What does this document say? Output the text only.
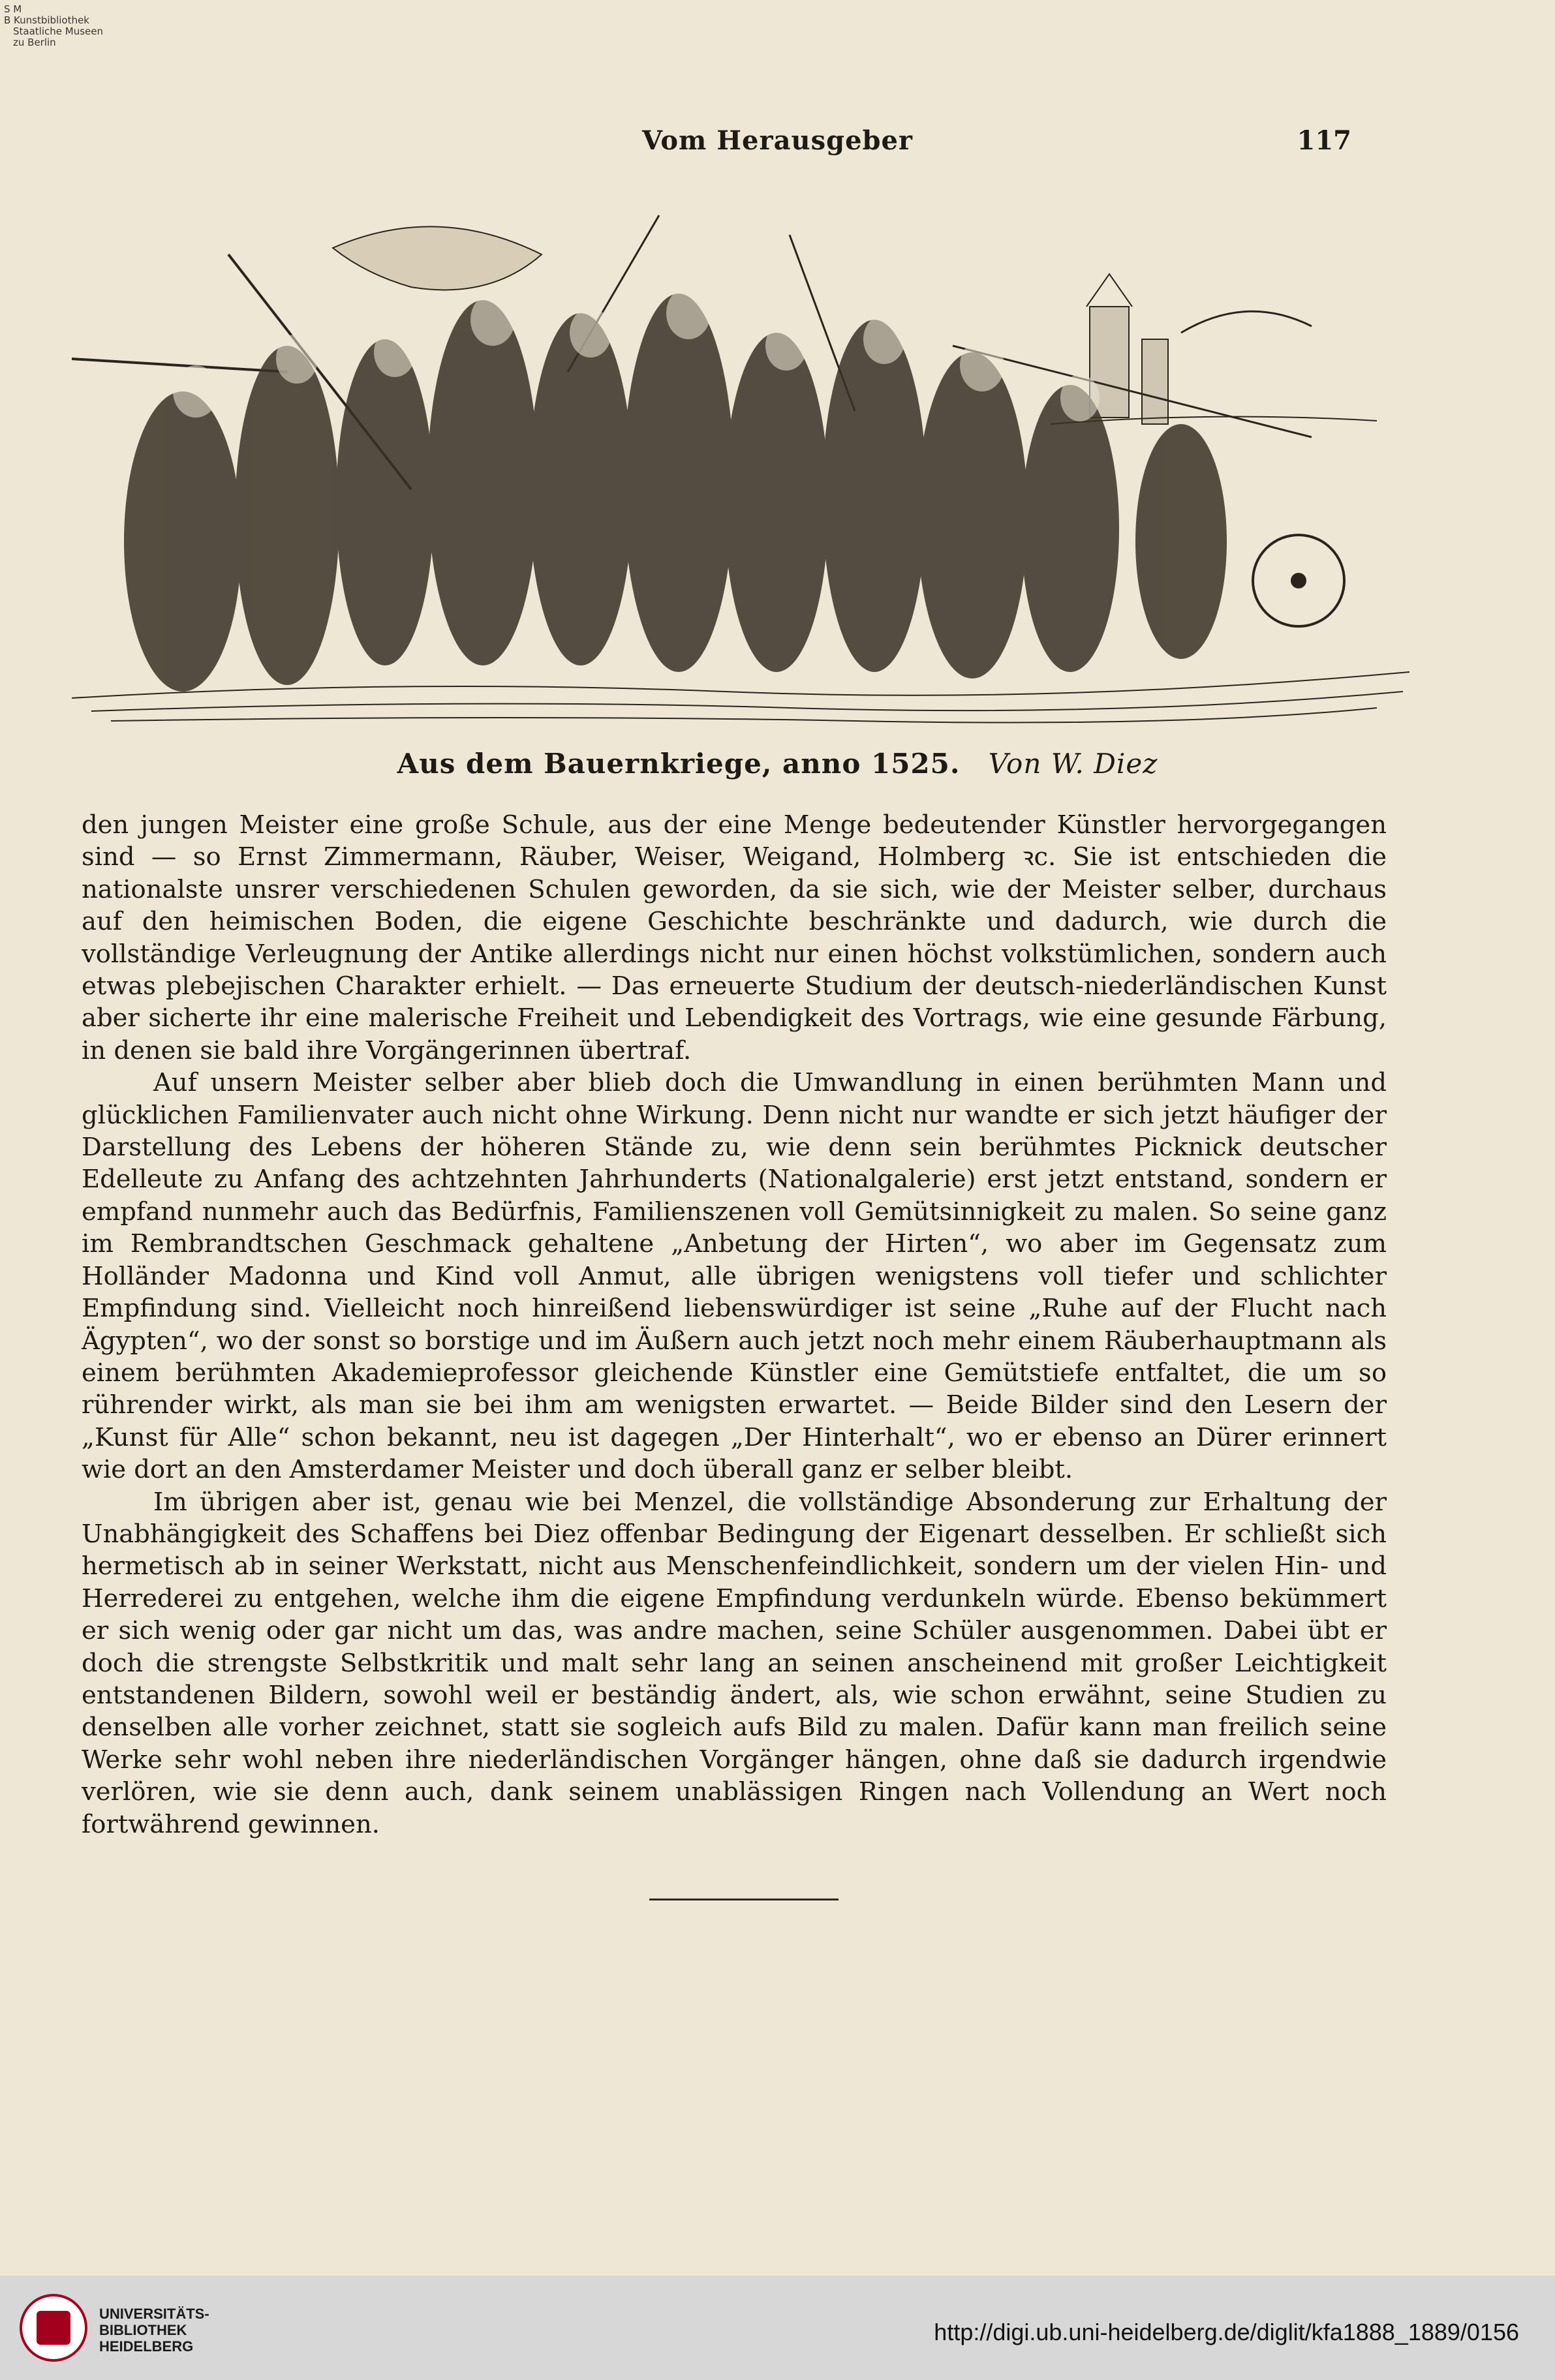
S M
B Kunstbibliothek
Staatliche Museen
zu Berlin
Vom Herausgeber	117
Aus dem Bauernkriege, anno 1525. Von W. Diez

den jungen Meister eine große Schule, aus der eine Menge bedeutender Künstler hervorgegangen sind — so Ernst Zimmermann, Räuber, Weiser, Weigand, Holmberg ꝛc. Sie ist entschieden die nationalste unsrer verschiedenen Schulen geworden, da sie sich, wie der Meister selber, durchaus auf den heimischen Boden, die eigene Geschichte beschränkte und dadurch, wie durch die vollständige Verleugnung der Antike allerdings nicht nur einen höchst volkstümlichen, sondern auch etwas plebejischen Charakter erhielt. — Das erneuerte Studium der deutsch-niederländischen Kunst aber sicherte ihr eine malerische Freiheit und Lebendigkeit des Vortrags, wie eine gesunde Färbung, in denen sie bald ihre Vorgängerinnen übertraf.

Auf unsern Meister selber aber blieb doch die Umwandlung in einen berühmten Mann und glücklichen Familienvater auch nicht ohne Wirkung. Denn nicht nur wandte er sich jetzt häufiger der Darstellung des Lebens der höheren Stände zu, wie denn sein berühmtes Picknick deutscher Edelleute zu Anfang des achtzehnten Jahrhunderts (Nationalgalerie) erst jetzt entstand, sondern er empfand nunmehr auch das Bedürfnis, Familienszenen voll Gemütsinnigkeit zu malen. So seine ganz im Rembrandtschen Geschmack gehaltene „Anbetung der Hirten“, wo aber im Gegensatz zum Holländer Madonna und Kind voll Anmut, alle übrigen wenigstens voll tiefer und schlichter Empfindung sind. Vielleicht noch hinreißend liebenswürdiger ist seine „Ruhe auf der Flucht nach Ägypten“, wo der sonst so borstige und im Äußern auch jetzt noch mehr einem Räuberhauptmann als einem berühmten Akademieprofessor gleichende Künstler eine Gemütstiefe entfaltet, die um so rührender wirkt, als man sie bei ihm am wenigsten erwartet. — Beide Bilder sind den Lesern der „Kunst für Alle“ schon bekannt, neu ist dagegen „Der Hinterhalt“, wo er ebenso an Dürer erinnert wie dort an den Amsterdamer Meister und doch überall ganz er selber bleibt.

Im übrigen aber ist, genau wie bei Menzel, die vollständige Absonderung zur Erhaltung der Unabhängigkeit des Schaffens bei Diez offenbar Bedingung der Eigenart desselben. Er schließt sich hermetisch ab in seiner Werkstatt, nicht aus Menschenfeindlichkeit, sondern um der vielen Hin- und Herrederei zu entgehen, welche ihm die eigene Empfindung verdunkeln würde. Ebenso bekümmert er sich wenig oder gar nicht um das, was andre machen, seine Schüler ausgenommen. Dabei übt er doch die strengste Selbstkritik und malt sehr lang an seinen anscheinend mit großer Leichtigkeit entstandenen Bildern, sowohl weil er beständig ändert, als, wie schon erwähnt, seine Studien zu denselben alle vorher zeichnet, statt sie sogleich aufs Bild zu malen. Dafür kann man freilich seine Werke sehr wohl neben ihre niederländischen Vorgänger hängen, ohne daß sie dadurch irgendwie verlören, wie sie denn auch, dank seinem unablässigen Ringen nach Vollendung an Wert noch fortwährend gewinnen.

UNIVERSITÄTS-
BIBLIOTHEK
HEIDELBERG
http://digi.ub.uni-heidelberg.de/diglit/kfa1888_1889/0156
